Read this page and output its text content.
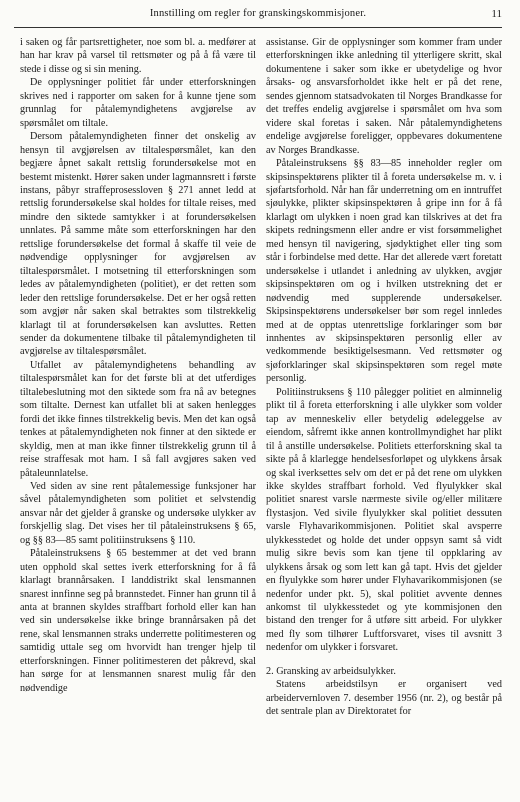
Innstilling om regler for granskingskommisjoner.	11

i saken og får partsrettigheter, noe som bl. a. medfører at han har krav på varsel til rettsmøter og på å få være til stede i disse og si sin mening.

De opplysninger politiet får under etterforskningen skrives ned i rapporter om saken for å kunne tjene som grunnlag for påtalemyndighetens avgjørelse av spørsmålet om tiltale.

Dersom påtalemyndigheten finner det onskelig av hensyn til avgjørelsen av tiltalespørsmålet, kan den begjære åpnet sakalt rettslig forundersøkelse mot en bestemt mistenkt. Hører saken under lagmannsrett i første instans, påbyr straffeprosessloven § 271 annet ledd at rettslig forundersøkelse skal holdes for tiltale reises, med mindre den siktede samtykker i at forundersøkelsen unnlates. På samme måte som etterforskningen har den rettslige forundersøkelse det formal å skaffe til veie de nødvendige opplysninger for avgjørelsen av tiltalespørsmålet. I motsetning til etterforskningen som ledes av påtalemyndigheten (politiet), er det retten som leder den rettslige forundersøkelse. Det er her også retten som avgjør når saken skal betraktes som tilstrekkelig klarlagt til at forundersøkelsen kan avsluttes. Retten sender da dokumentene tilbake til påtalemyndigheten til avgjørelse av tiltalespørsmålet.

Utfallet av påtalemyndighetens behandling av tiltalespørsmålet kan for det første bli at det utferdiges tiltalebeslutning mot den siktede som fra nå av betegnes som tiltalte. Dernest kan utfallet bli at saken henlegges fordi det ikke finnes tilstrekkelig bevis. Men det kan også tenkes at påtalemyndigheten nok finner at den siktede er skyldig, men at man ikke finner tilstrekkelig grunn til å reise straffesak mot ham. I så fall avgjøres saken ved påtaleunnlatelse.

Ved siden av sine rent påtalemessige funksjoner har såvel påtalemyndigheten som politiet et selvstendig ansvar når det gjelder å granske og undersøke ulykker av forskjellig slag. Det vises her til påtaleinstruksens § 65, og §§ 83—85 samt politiinstruksens § 110.

Påtaleinstruksens § 65 bestemmer at det ved brann uten opphold skal settes iverk etterforskning for å få klarlagt brannårsaken. I landdistrikt skal lensmannen snarest innfinne seg på brannstedet. Finner han grunn til å anta at brannen skyldes straffbart forhold eller kan han ved sin undersøkelse ikke bringe brannårsaken på det rene, skal lensmannen straks underrette politimesteren og samtidig uttale seg om hvorvidt han trenger hjelp til etterforskningen. Finner politimesteren det påkrevd, skal han sørge for at lensmannen snarest mulig får den nødvendige

assistanse. Gir de opplysninger som kommer fram under etterforskningen ikke anledning til ytterligere skritt, skal dokumentene i saker som ikke er ubetydelige og hvor årsaks- og ansvarsforholdet ikke helt er på det rene, sendes gjennom statsadvokaten til Norges Brandkasse for det treffes endelig avgjørelse i spørsmålet om hva som videre skal foretas i saken. Når påtalemyndighetens endelige avgjørelse foreligger, oppbevares dokumentene av Norges Brandkasse.

Påtaleinstruksens §§ 83—85 inneholder regler om skipsinspektørens plikter til å foreta undersøkelse m. v. i sjøfartsforhold. Når han får underretning om en inntruffet sjøulykke, plikter skipsinspektøren å gripe inn for å få klarlagt om ulykken i noen grad kan tilskrives at det fra skipets redningsmenn eller andre er vist forsømmelighet med hensyn til navigering, sjødyktighet eller ting som står i forbindelse med dette. Har det allerede vært foretatt undersøkelse i utlandet i anledning av ulykken, avgjør skipsinspektøren om og i hvilken utstrekning det er nødvendig med supplerende undersøkelser. Skipsinspektørens undersøkelser bør som regel innledes med at de opptas utenrettslige forklaringer som bør innhentes av skipsinspektøren personlig eller av vedkommende besiktigelsesmann. Ved rettsmøter og sjøforklaringer skal skipsinspektøren som regel møte personlig.

Politiinstruksens § 110 pålegger politiet en alminnelig plikt til å foreta etterforskning i alle ulykker som volder tap av menneskeliv eller betydelig ødeleggelse av eiendom, såfremt ikke annen kontrollmyndighet har plikt til å anstille undersøkelse. Politiets etterforskning skal ta sikte på å klarlegge hendelsesforløpet og ulykkens årsak og skal iverksettes selv om det er på det rene om ulykken ikke skyldes straffbart forhold. Ved flyulykker skal politiet snarest varsle nærmeste sivile og/eller militære flystasjon. Ved sivile flyulykker skal politiet dessuten varsle Flyhavarikommisjonen. Politiet skal avsperre ulykkesstedet og holde det under oppsyn samt så vidt mulig sikre bevis som kan tjene til oppklaring av ulykkens årsak og som lett kan gå tapt. Hvis det gjelder en flyulykke som hører under Flyhavarikommisjonen (se nedenfor under pkt. 5), skal politiet avvente dennes ankomst til ulykkesstedet og yte kommisjonen den bistand den trenger for å utføre sitt arbeid. For ulykker med fly som tilhører Luftforsvaret, vises til avsnitt 3 nedenfor om ulykker i forsvaret.

2. Gransking av arbeidsulykker.

Statens arbeidstilsyn er organisert ved arbeidervernloven 7. desember 1956 (nr. 2), og består på det sentrale plan av Direktoratet for
